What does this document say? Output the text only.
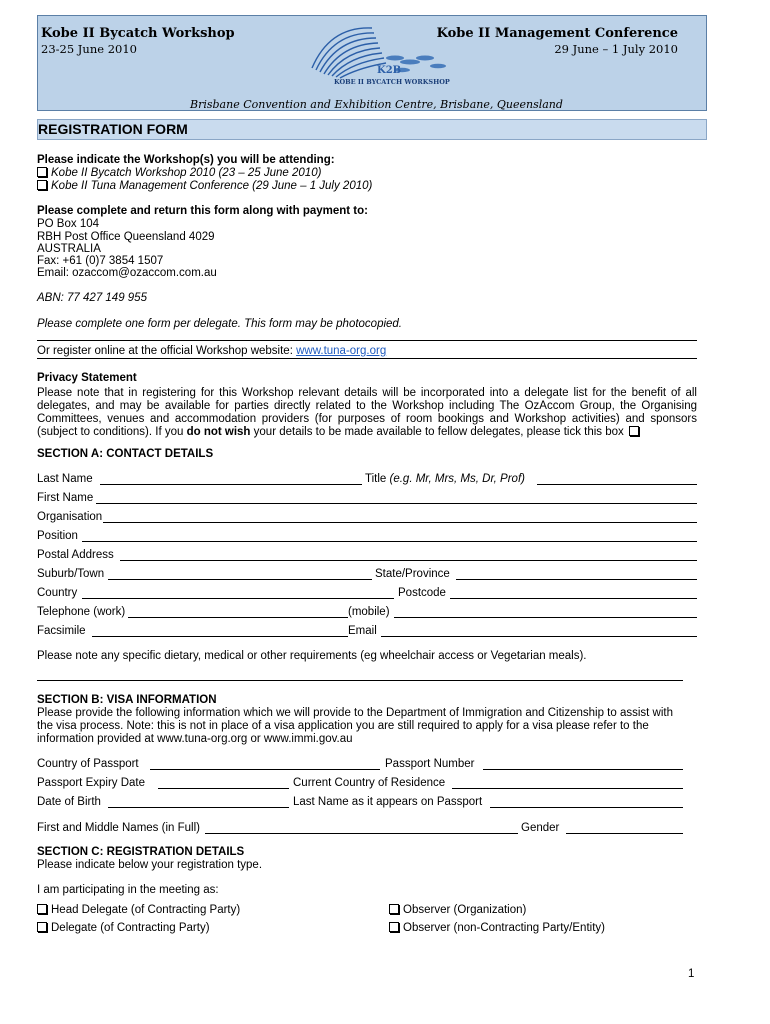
Kobe II Bycatch Workshop
23-25 June 2010
Kobe II Management Conference
29 June – 1 July 2010
K2B
KOBE II BYCATCH WORKSHOP
Brisbane Convention and Exhibition Centre, Brisbane, Queensland
REGISTRATION FORM
Please indicate the Workshop(s) you will be attending:
Kobe II Bycatch Workshop 2010 (23 – 25 June 2010)
Kobe II Tuna Management Conference (29 June – 1 July 2010)
Please complete and return this form along with payment to:
PO Box 104
RBH Post Office Queensland 4029
AUSTRALIA
Fax: +61 (0)7 3854 1507
Email: ozaccom@ozaccom.com.au
ABN: 77 427 149 955
Please complete one form per delegate. This form may be photocopied.
Or register online at the official Workshop website: www.tuna-org.org
Privacy Statement
Please note that in registering for this Workshop relevant details will be incorporated into a delegate list for the benefit of all delegates, and may be available for parties directly related to the Workshop including The OzAccom Group, the Organising Committees, venues and accommodation providers (for purposes of room bookings and Workshop activities) and sponsors (subject to conditions). If you do not wish your details to be made available to fellow delegates, please tick this box
SECTION A: CONTACT DETAILS
Last Name	Title (e.g. Mr, Mrs, Ms, Dr, Prof)
First Name
Organisation
Position
Postal Address
Suburb/Town	State/Province
Country	Postcode
Telephone (work)	(mobile)
Facsimile	Email
Please note any specific dietary, medical or other requirements (eg wheelchair access or Vegetarian meals).
SECTION B: VISA INFORMATION
Please provide the following information which we will provide to the Department of Immigration and Citizenship to assist with
the visa process. Note: this is not in place of a visa application you are still required to apply for a visa please refer to the
information provided at www.tuna-org.org or www.immi.gov.au
Country of Passport	Passport Number
Passport Expiry Date	Current Country of Residence
Date of Birth	Last Name as it appears on Passport
First and Middle Names (in Full)	Gender
SECTION C: REGISTRATION DETAILS
Please indicate below your registration type.
I am participating in the meeting as:
Head Delegate (of Contracting Party)
Delegate (of Contracting Party)
Observer (Organization)
Observer (non-Contracting Party/Entity)
1
